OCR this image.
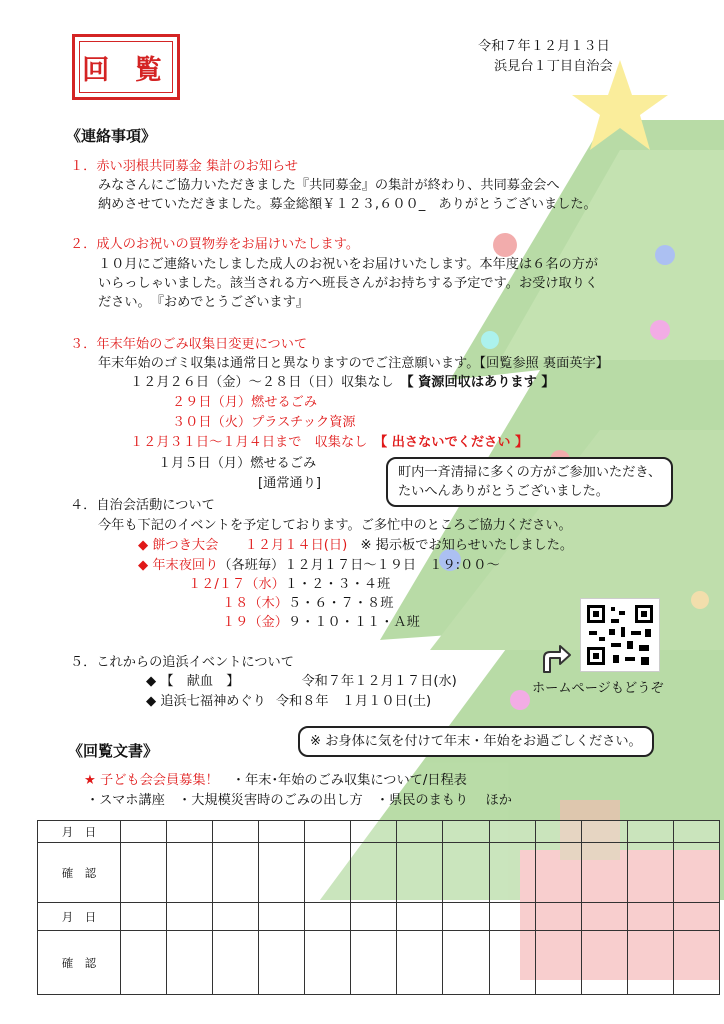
回 覧
令和７年１２月１３日
浜見台１丁目自治会
《連絡事項》
１．赤い羽根共同募金 集計のお知らせ
みなさんにご協力いただきました『共同募金』の集計が終わり、共同募金会へ
納めさせていただきました。募金総額￥１２３,６００_　ありがとうございました。
２．成人のお祝いの買物券をお届けいたします。
１０月にご連絡いたしました成人のお祝いをお届けいたします。本年度は６名の方が
いらっしゃいました。該当される方へ班長さんがお持ちする予定です。お受け取りく
ださい。　『おめでとうございます』
３．年末年始のごみ収集日変更について
年末年始のゴミ収集は通常日と異なりますのでご注意願います。【回覧参照 裏面英字】
１２月２６日（金）～２８日（日）収集なし　【 資源回収はあります 】
２９日（月）燃せるごみ
３０日（火）プラスチック資源
１２月３１日～１月４日まで　収集なし　【 出さないでください 】
１月５日（月）燃せるごみ
[通常通り]
町内一斉清掃に多くの方がご参加いただき、
たいへんありがとうございました。
４．自治会活動について
今年も下記のイベントを予定しております。ご多忙中のところご協力ください。
◆ 餅つき大会　　１２月１４日(日)　 ※ 掲示板でお知らせいたしました。
◆ 年末夜回り（各班毎）１２月１７日～１９日　１９:００～
１２/１７（水）１・２・３・４班
１８（木）５・６・７・８班
１９（金）９・１０・１１・Ａ班
ホームページもどうぞ
５．これからの追浜イベントについて
◆ 【　献血　】	令和７年１２月１７日(水)
◆ 追浜七福神めぐり 令和８年　１月１０日(土)
※ お身体に気を付けて年末・年始をお過ごしください。
《回覧文書》
★ 子ども会会員募集！　 ・年末･年始のごみ収集について/日程表
・スマホ講座　・大規模災害時のごみの出し方　・県民のまもり　 ほか
月　日													
確　認													
月　日													
確　認													
